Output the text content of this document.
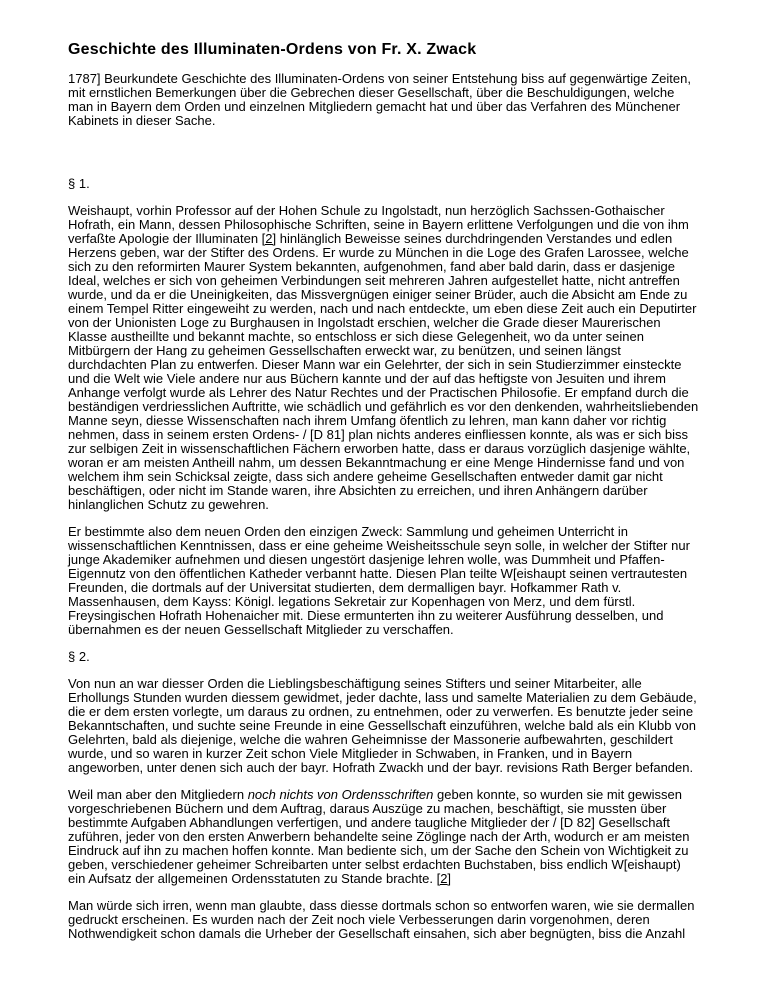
Geschichte des Illuminaten-Ordens von Fr. X. Zwack

1787] Beurkundete Geschichte des Illuminaten-Ordens von seiner Entstehung biss auf gegenwärtige Zeiten, mit ernstlichen Bemerkungen über die Gebrechen dieser Gesellschaft, über die Beschuldigungen, welche man in Bayern dem Orden und einzelnen Mitgliedern gemacht hat und über das Verfahren des Münchener Kabinets in dieser Sache.

§ 1.

Weishaupt, vorhin Professor auf der Hohen Schule zu Ingolstadt, nun herzöglich Sachssen-Gothaischer Hofrath, ein Mann, dessen Philosophische Schriften, seine in Bayern erlittene Verfolgungen und die von ihm verfaßte Apologie der Illuminaten [2] hinlänglich Beweisse seines durchdringenden Verstandes und edlen Herzens geben, war der Stifter des Ordens. Er wurde zu München in die Loge des Grafen Larossee, welche sich zu den reformirten Maurer System bekannten, aufgenohmen, fand aber bald darin, dass er dasjenige Ideal, welches er sich von geheimen Verbindungen seit mehreren Jahren aufgestellet hatte, nicht antreffen wurde, und da er die Uneinigkeiten, das Missvergnügen einiger seiner Brüder, auch die Absicht am Ende zu einem Tempel Ritter eingeweiht zu werden, nach und nach entdeckte, um eben diese Zeit auch ein Deputirter von der Unionisten Loge zu Burghausen in Ingolstadt erschien, welcher die Grade dieser Maurerischen Klasse austheillte und bekannt machte, so entschloss er sich diese Gelegenheit, wo da unter seinen Mitbürgern der Hang zu geheimen Gessellschaften erweckt war, zu benützen, und seinen längst durchdachten Plan zu entwerfen. Dieser Mann war ein Gelehrter, der sich in sein Studierzimmer einsteckte und die Welt wie Viele andere nur aus Büchern kannte und der auf das heftigste von Jesuiten und ihrem Anhange verfolgt wurde als Lehrer des Natur Rechtes und der Practischen Philosofie. Er empfand durch die beständigen verdriesslichen Auftritte, wie schädlich und gefährlich es vor den denkenden, wahrheitsliebenden Manne seyn, diesse Wissenschaften nach ihrem Umfang öfentlich zu lehren, man kann daher vor richtig nehmen, dass in seinem ersten Ordens- / [D 81] plan nichts anderes einfliessen konnte, als was er sich biss zur selbigen Zeit in wissenschaftlichen Fächern erworben hatte, dass er daraus vorzüglich dasjenige wählte, woran er am meisten Antheill nahm, um dessen Bekanntmachung er eine Menge Hindernisse fand und von welchem ihm sein Schicksal zeigte, dass sich andere geheime Gesellschaften entweder damit gar nicht beschäftigen, oder nicht im Stande waren, ihre Absichten zu erreichen, und ihren Anhängern darüber hinlanglichen Schutz zu gewehren.

Er bestimmte also dem neuen Orden den einzigen Zweck: Sammlung und geheimen Unterricht in wissenschaftlichen Kenntnissen, dass er eine geheime Weisheitsschule seyn solle, in welcher der Stifter nur junge Akademiker aufnehmen und diesen ungestört dasjenige lehren wolle, was Dummheit und Pfaffen-Eigennutz von den öffentlichen Katheder verbannt hatte. Diesen Plan teilte W[eishaupt seinen vertrautesten Freunden, die dortmals auf der Universitat studierten, dem dermalligen bayr. Hofkammer Rath v. Massenhausen, dem Kayss: Königl. legations Sekretair zur Kopenhagen von Merz, und dem fürstl. Freysingischen Hofrath Hohenaicher mit. Diese ermunterten ihn zu weiterer Ausführung desselben, und übernahmen es der neuen Gessellschaft Mitglieder zu verschaffen.

§ 2.

Von nun an war diesser Orden die Lieblingsbeschäftigung seines Stifters und seiner Mitarbeiter, alle Erhollungs Stunden wurden diessem gewidmet, jeder dachte, lass und samelte Materialien zu dem Gebäude, die er dem ersten vorlegte, um daraus zu ordnen, zu entnehmen, oder zu verwerfen. Es benutzte jeder seine Bekanntschaften, und suchte seine Freunde in eine Gessellschaft einzuführen, welche bald als ein Klubb von Gelehrten, bald als diejenige, welche die wahren Geheimnisse der Massonerie aufbewahrten, geschildert wurde, und so waren in kurzer Zeit schon Viele Mitglieder in Schwaben, in Franken, und in Bayern angeworben, unter denen sich auch der bayr. Hofrath Zwackh und der bayr. revisions Rath Berger befanden.

Weil man aber den Mitgliedern noch nichts von Ordensschriften geben konnte, so wurden sie mit gewissen vorgeschriebenen Büchern und dem Auftrag, daraus Auszüge zu machen, beschäftigt, sie mussten über bestimmte Aufgaben Abhandlungen verfertigen, und andere taugliche Mitglieder der / [D 82] Gesellschaft zuführen, jeder von den ersten Anwerbern behandelte seine Zöglinge nach der Arth, wodurch er am meisten Eindruck auf ihn zu machen hoffen konnte. Man bediente sich, um der Sache den Schein von Wichtigkeit zu geben, verschiedener geheimer Schreibarten unter selbst erdachten Buchstaben, biss endlich W[eishaupt) ein Aufsatz der allgemeinen Ordensstatuten zu Stande brachte. [2]

Man würde sich irren, wenn man glaubte, dass diesse dortmals schon so entworfen waren, wie sie dermallen gedruckt erscheinen. Es wurden nach der Zeit noch viele Verbesserungen darin vorgenohmen, deren Nothwendigkeit schon damals die Urheber der Gesellschaft einsahen, sich aber begnügten, biss die Anzahl
